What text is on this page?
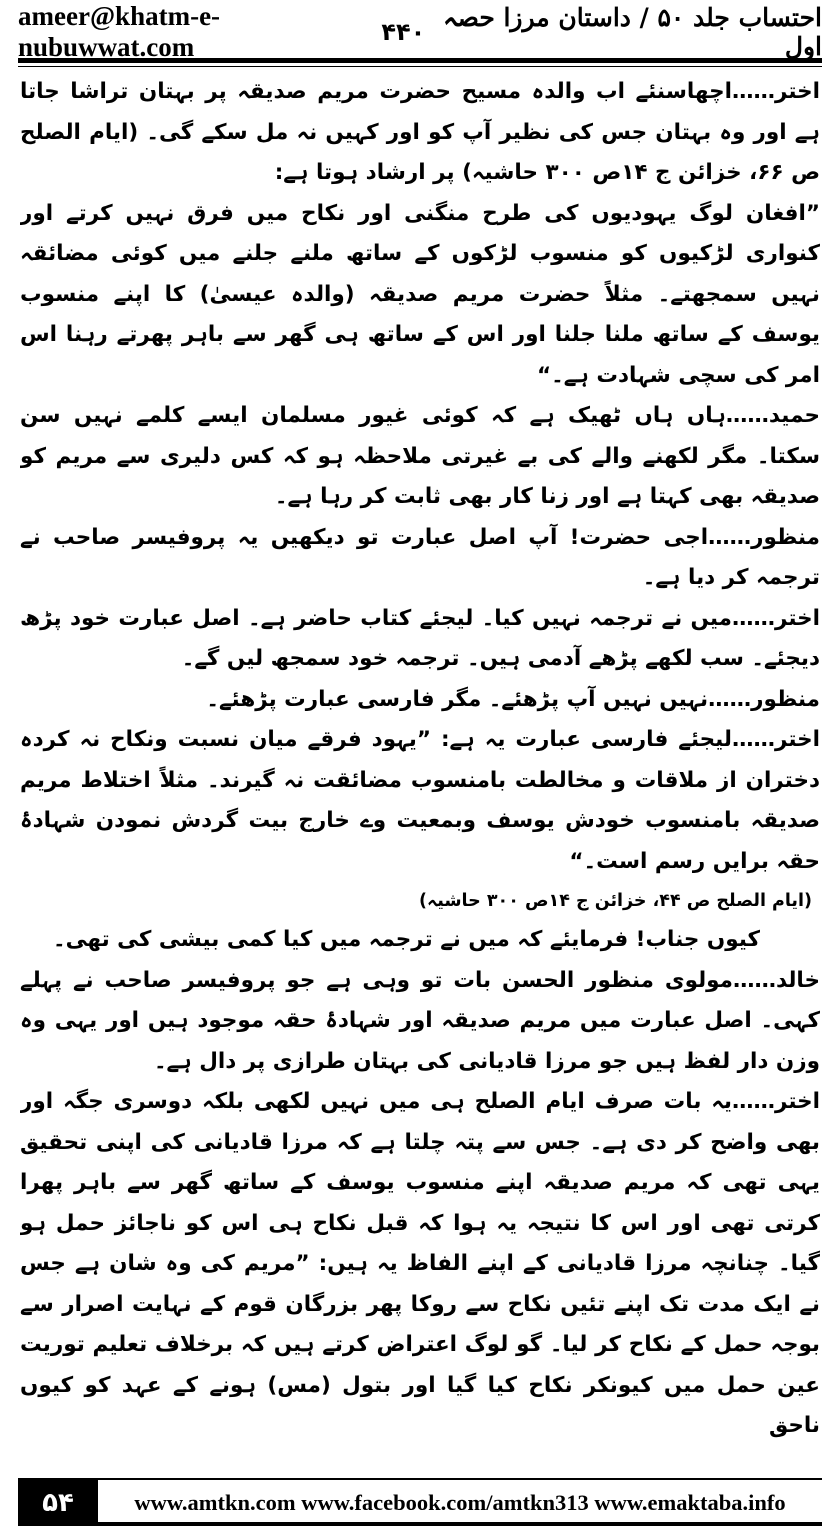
ameer@khatm-e-nubuwwat.com	۴۴۰ احتساب جلد ۵۰ / داستان مرزا حصہ اول

اختر……اچھاسنئے اب والدہ مسیح حضرت مریم صدیقہ پر بہتان تراشا جاتا ہے اور وہ بہتان جس کی نظیر آپ کو اور کہیں نہ مل سکے گی۔ (ایام الصلح ص ۶۶، خزائن ج ۱۴ص ۳۰۰ حاشیہ) پر ارشاد ہوتا ہے:

”افغان لوگ یہودیوں کی طرح منگنی اور نکاح میں فرق نہیں کرتے اور کنواری لڑکیوں کو منسوب لڑکوں کے ساتھ ملنے جلنے میں کوئی مضائقہ نہیں سمجھتے۔ مثلاً حضرت مریم صدیقہ (والدہ عیسیٰ) کا اپنے منسوب یوسف کے ساتھ ملنا جلنا اور اس کے ساتھ ہی گھر سے باہر پھرتے رہنا اس امر کی سچی شہادت ہے۔“

حمید……ہاں ہاں ٹھیک ہے کہ کوئی غیور مسلمان ایسے کلمے نہیں سن سکتا۔ مگر لکھنے والے کی بے غیرتی ملاحظہ ہو کہ کس دلیری سے مریم کو صدیقہ بھی کہتا ہے اور زنا کار بھی ثابت کر رہا ہے۔

منظور……اجی حضرت! آپ اصل عبارت تو دیکھیں یہ پروفیسر صاحب نے ترجمہ کر دیا ہے۔

اختر……میں نے ترجمہ نہیں کیا۔ لیجئے کتاب حاضر ہے۔ اصل عبارت خود پڑھ دیجئے۔ سب لکھے پڑھے آدمی ہیں۔ ترجمہ خود سمجھ لیں گے۔

منظور……نہیں نہیں آپ پڑھئے۔ مگر فارسی عبارت پڑھئے۔

اختر……لیجئے فارسی عبارت یہ ہے: ”یہود فرقے میان نسبت ونکاح نہ کردہ دختران از ملاقات و مخالطت بامنسوب مضائقت نہ گیرند۔ مثلاً اختلاط مریم صدیقہ بامنسوب خودش یوسف وبمعیت وے خارج بیت گردش نمودن شہادۂ حقہ برایں رسم است۔“

(ایام الصلح ص ۴۴، خزائن ج ۱۴ص ۳۰۰ حاشیہ)

کیوں جناب! فرمایئے کہ میں نے ترجمہ میں کیا کمی بیشی کی تھی۔

خالد……مولوی منظور الحسن بات تو وہی ہے جو پروفیسر صاحب نے پہلے کہی۔ اصل عبارت میں مریم صدیقہ اور شہادۂ حقہ موجود ہیں اور یہی وہ وزن دار لفظ ہیں جو مرزا قادیانی کی بہتان طرازی پر دال ہے۔

اختر……یہ بات صرف ایام الصلح ہی میں نہیں لکھی بلکہ دوسری جگہ اور بھی واضح کر دی ہے۔ جس سے پتہ چلتا ہے کہ مرزا قادیانی کی اپنی تحقیق یہی تھی کہ مریم صدیقہ اپنے منسوب یوسف کے ساتھ گھر سے باہر پھرا کرتی تھی اور اس کا نتیجہ یہ ہوا کہ قبل نکاح ہی اس کو ناجائز حمل ہو گیا۔ چنانچہ مرزا قادیانی کے اپنے الفاظ یہ ہیں: ”مریم کی وہ شان ہے جس نے ایک مدت تک اپنے تئیں نکاح سے روکا پھر بزرگان قوم کے نہایت اصرار سے بوجہ حمل کے نکاح کر لیا۔ گو لوگ اعتراض کرتے ہیں کہ برخلاف تعلیم توریت عین حمل میں کیونکر نکاح کیا گیا اور بتول (مس) ہونے کے عہد کو کیوں ناحق

۵۴	www.amtkn.com www.facebook.com/amtkn313 www.emaktaba.info
